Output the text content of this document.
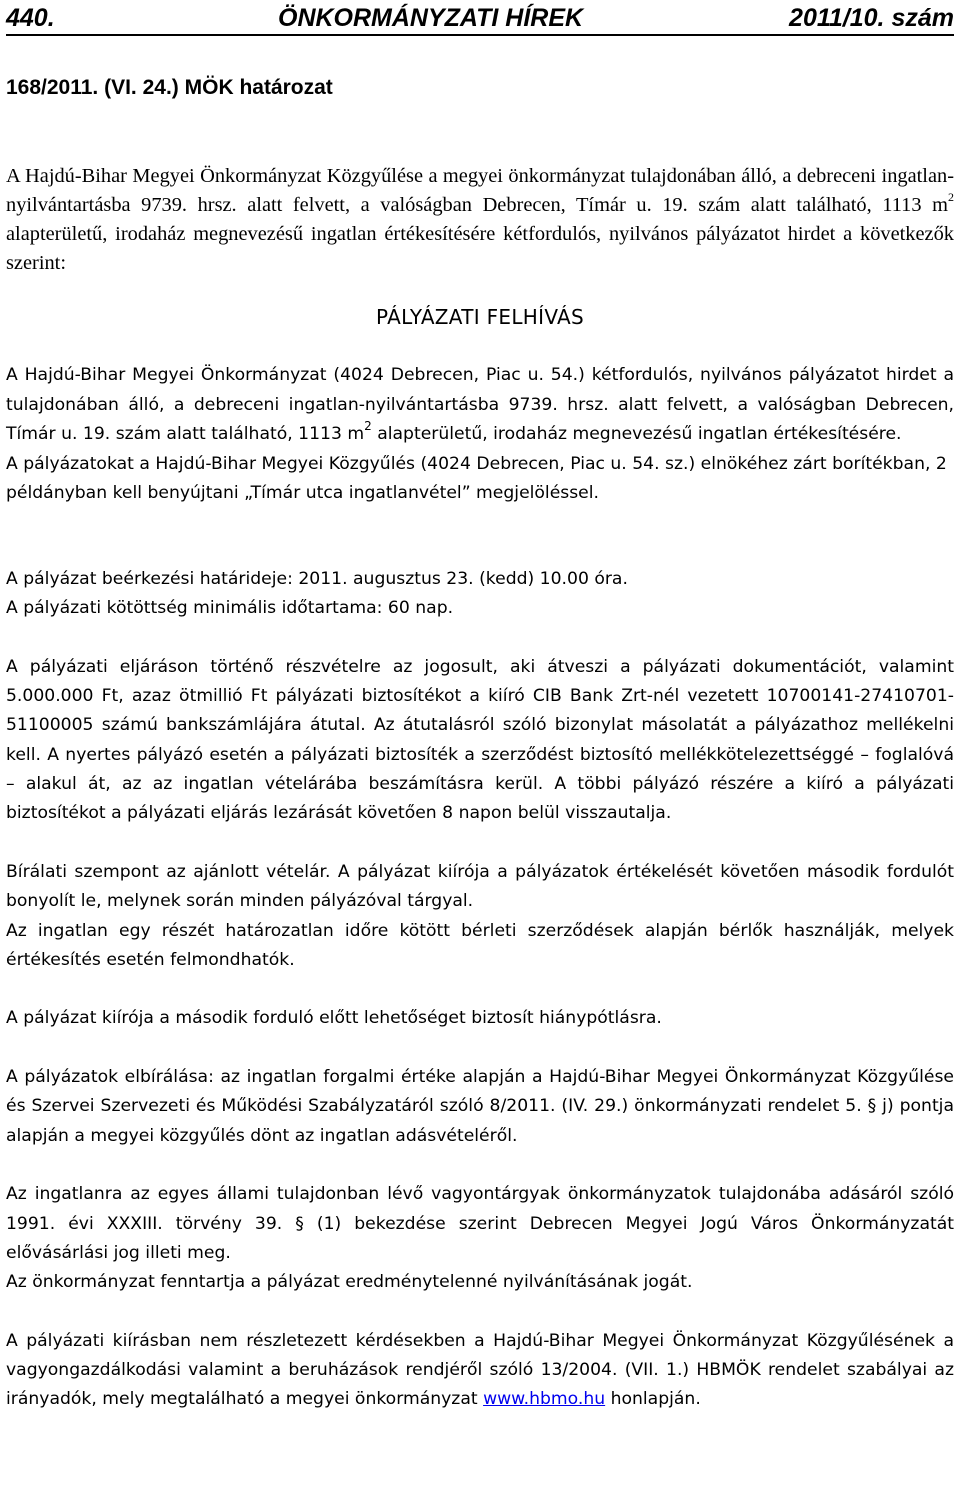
440.	ÖNKORMÁNYZATI HÍREK	2011/10. szám
168/2011. (VI. 24.) MÖK határozat
A Hajdú-Bihar Megyei Önkormányzat Közgyűlése a megyei önkormányzat tulajdonában álló, a debreceni ingatlan-nyilvántartásba 9739. hrsz. alatt felvett, a valóságban Debrecen, Tímár u. 19. szám alatt található, 1113 $m^2$ alapterületű, irodaház megnevezésű ingatlan értékesítésére kétfordulós, nyilvános pályázatot hirdet a következők szerint:
PÁLYÁZATI FELHÍVÁS

A Hajdú-Bihar Megyei Önkormányzat (4024 Debrecen, Piac u. 54.) kétfordulós, nyilvános pályázatot hirdet a tulajdonában álló, a debreceni ingatlan-nyilvántartásba 9739. hrsz. alatt felvett, a valóságban Debrecen, Tímár u. 19. szám alatt található, 1113 $m^2$ alapterületű, irodaház megnevezésű ingatlan értékesítésére.

A pályázatokat a Hajdú-Bihar Megyei Közgyűlés (4024 Debrecen, Piac u. 54. sz.) elnökéhez zárt borítékban, 2 példányban kell benyújtani „Tímár utca ingatlanvétel” megjelöléssel.

A pályázat beérkezési határideje: 2011. augusztus 23. (kedd) 10.00 óra.

A pályázati kötöttség minimális időtartama: 60 nap.

A pályázati eljáráson történő részvételre az jogosult, aki átveszi a pályázati dokumentációt, valamint 5.000.000 Ft, azaz ötmillió Ft pályázati biztosítékot a kiíró CIB Bank Zrt-nél vezetett 10700141-27410701-51100005 számú bankszámlájára átutal. Az átutalásról szóló bizonylat másolatát a pályázathoz mellékelni kell. A nyertes pályázó esetén a pályázati biztosíték a szerződést biztosító mellékkötelezettséggé – foglalóvá – alakul át, az az ingatlan vételárába beszámításra kerül. A többi pályázó részére a kiíró a pályázati biztosítékot a pályázati eljárás lezárását követően 8 napon belül visszautalja.

Bírálati szempont az ajánlott vételár. A pályázat kiírója a pályázatok értékelését követően második fordulót bonyolít le, melynek során minden pályázóval tárgyal.

Az ingatlan egy részét határozatlan időre kötött bérleti szerződések alapján bérlők használják, melyek értékesítés esetén felmondhatók.

A pályázat kiírója a második forduló előtt lehetőséget biztosít hiánypótlásra.

A pályázatok elbírálása: az ingatlan forgalmi értéke alapján a Hajdú-Bihar Megyei Önkormányzat Közgyűlése és Szervei Szervezeti és Működési Szabályzatáról szóló 8/2011. (IV. 29.) önkormányzati rendelet 5. § j) pontja alapján a megyei közgyűlés dönt az ingatlan adásvételéről.

Az ingatlanra az egyes állami tulajdonban lévő vagyontárgyak önkormányzatok tulajdonába adásáról szóló 1991. évi XXXIII. törvény 39. § (1) bekezdése szerint Debrecen Megyei Jogú Város Önkormányzatát elővásárlási jog illeti meg.

Az önkormányzat fenntartja a pályázat eredménytelenné nyilvánításának jogát.

A pályázati kiírásban nem részletezett kérdésekben a Hajdú-Bihar Megyei Önkormányzat Közgyűlésének a vagyongazdálkodási valamint a beruházások rendjéről szóló 13/2004. (VII. 1.) HBMÖK rendelet szabályai az irányadók, mely megtalálható a megyei önkormányzat www.hbmo.hu honlapján.
